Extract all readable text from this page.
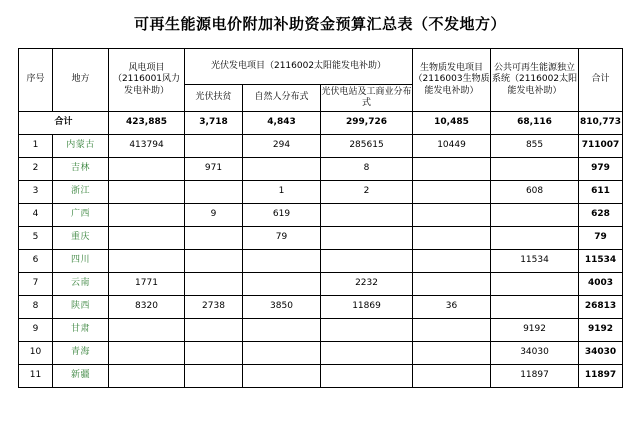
可再生能源电价附加补助资金预算汇总表（不发地方）
序号	地方	风电项目（2116001风力发电补助）	光伏发电项目（2116002太阳能发电补助）			生物质发电项目（2116003生物质能发电补助）	公共可再生能源独立系统（2116002太阳能发电补助）	合计
			光伏扶贫	自然人分布式	光伏电站及工商业分布式			
合计		423,885	3,718	4,843	299,726	10,485	68,116	810,773
1	内蒙古	413794		294	285615	10449	855	711007
2	吉林		971		8			979
3	浙江			1	2		608	611
4	广西		9	619				628
5	重庆			79				79
6	四川						11534	11534
7	云南	1771			2232			4003
8	陕西	8320	2738	3850	11869	36		26813
9	甘肃						9192	9192
10	青海						34030	34030
11	新疆						11897	11897
